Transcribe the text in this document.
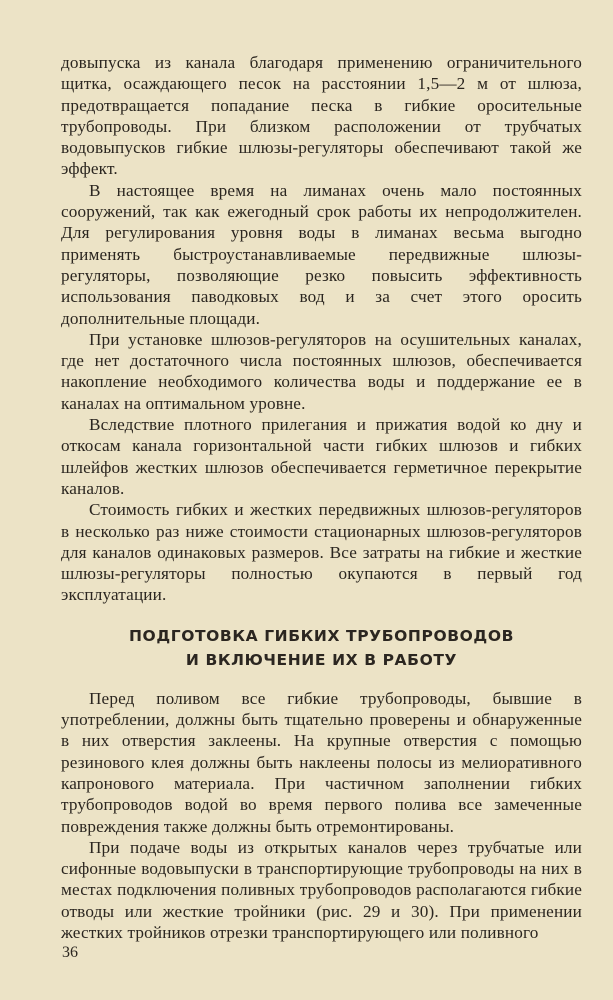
довыпуска из канала благодаря применению ограничительного щитка, осаждающего песок на расстоянии 1,5—2 м от шлюза, предотвращается попадание песка в гибкие оросительные трубопроводы. При близком расположении от трубчатых водовыпусков гибкие шлюзы-регуляторы обеспечивают такой же эффект.

В настоящее время на лиманах очень мало постоянных сооружений, так как ежегодный срок работы их непродолжителен. Для регулирования уровня воды в лиманах весьма выгодно применять быстроустанавливаемые передвижные шлюзы-регуляторы, позволяющие резко повысить эффективность использования паводковых вод и за счет этого оросить дополнительные площади.

При установке шлюзов-регуляторов на осушительных каналах, где нет достаточного числа постоянных шлюзов, обеспечивается накопление необходимого количества воды и поддержание ее в каналах на оптимальном уровне.

Вследствие плотного прилегания и прижатия водой ко дну и откосам канала горизонтальной части гибких шлюзов и гибких шлейфов жестких шлюзов обеспечивается герметичное перекрытие каналов.

Стоимость гибких и жестких передвижных шлюзов-регуляторов в несколько раз ниже стоимости стационарных шлюзов-регуляторов для каналов одинаковых размеров. Все затраты на гибкие и жесткие шлюзы-регуляторы полностью окупаются в первый год эксплуатации.

ПОДГОТОВКА ГИБКИХ ТРУБОПРОВОДОВ
И ВКЛЮЧЕНИЕ ИХ В РАБОТУ

Перед поливом все гибкие трубопроводы, бывшие в употреблении, должны быть тщательно проверены и обнаруженные в них отверстия заклеены. На крупные отверстия с помощью резинового клея должны быть наклеены полосы из мелиоративного капронового материала. При частичном заполнении гибких трубопроводов водой во время первого полива все замеченные повреждения также должны быть отремонтированы.

При подаче воды из открытых каналов через трубчатые или сифонные водовыпуски в транспортирующие трубопроводы на них в местах подключения поливных трубопроводов располагаются гибкие отводы или жесткие тройники (рис. 29 и 30). При применении жестких тройников отрезки транспортирующего или поливного

36
